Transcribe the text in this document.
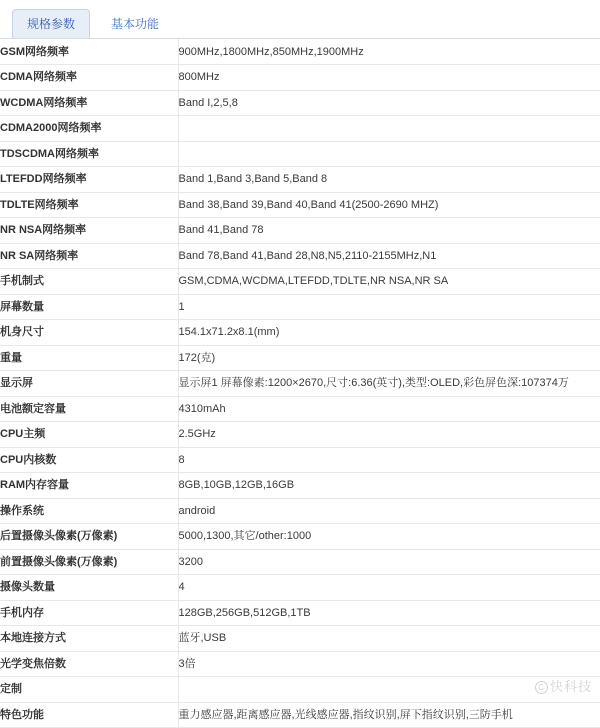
规格参数	基本功能
GSM网络频率	900MHz,1800MHz,850MHz,1900MHz
CDMA网络频率	800MHz
WCDMA网络频率	Band I,2,5,8
CDMA2000网络频率	
TDSCDMA网络频率	
LTEFDD网络频率	Band 1,Band 3,Band 5,Band 8
TDLTE网络频率	Band 38,Band 39,Band 40,Band 41(2500-2690 MHZ)
NR NSA网络频率	Band 41,Band 78
NR SA网络频率	Band 78,Band 41,Band 28,N8,N5,2110-2155MHz,N1
手机制式	GSM,CDMA,WCDMA,LTEFDD,TDLTE,NR NSA,NR SA
屏幕数量	1
机身尺寸	154.1x71.2x8.1(mm)
重量	172(克)
显示屏	显示屏1 屏幕像素:1200×2670,尺寸:6.36(英寸),类型:OLED,彩色屏色深:107374万
电池额定容量	4310mAh
CPU主频	2.5GHz
CPU内核数	8
RAM内存容量	8GB,10GB,12GB,16GB
操作系统	android
后置摄像头像素(万像素)	5000,1300,其它/other:1000
前置摄像头像素(万像素)	3200
摄像头数量	4
手机内存	128GB,256GB,512GB,1TB
本地连接方式	蓝牙,USB
光学变焦倍数	3倍
定制	
特色功能	重力感应器,距离感应器,光线感应器,指纹识别,屏下指纹识别,三防手机
C 快科技
